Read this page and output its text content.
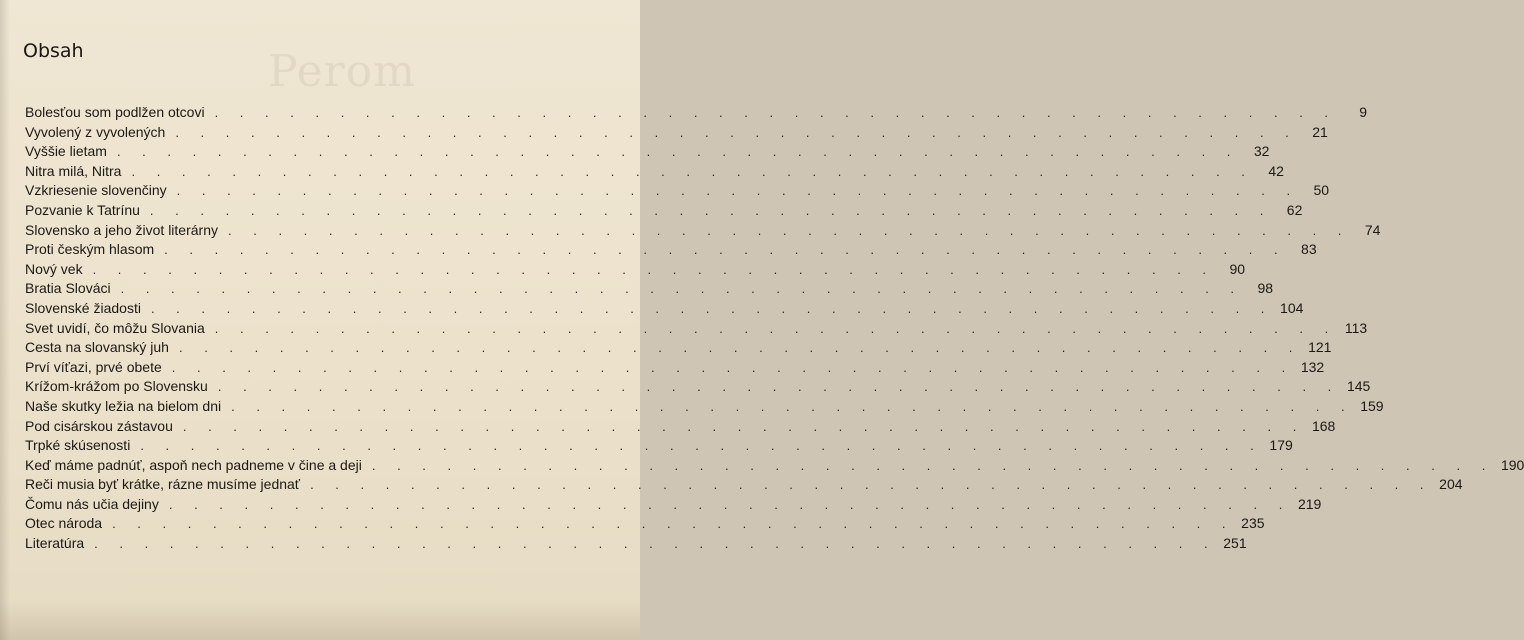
Perom
Obsah
Bolesťou som podlžen otcovi . . . . . . . . . . . . . . . . . . . . . . . . . . . . . . . . . . . . . . . . . . . . .	9
Vyvolený z vyvolených . . . . . . . . . . . . . . . . . . . . . . . . . . . . . . . . . . . . . . . . . . . . .	21
Vyššie lietam . . . . . . . . . . . . . . . . . . . . . . . . . . . . . . . . . . . . . . . . . . . . .	32
Nitra milá, Nitra . . . . . . . . . . . . . . . . . . . . . . . . . . . . . . . . . . . . . . . . . . . . .	42
Vzkriesenie slovenčiny . . . . . . . . . . . . . . . . . . . . . . . . . . . . . . . . . . . . . . . . . . . . .	50
Pozvanie k Tatrínu . . . . . . . . . . . . . . . . . . . . . . . . . . . . . . . . . . . . . . . . . . . . .	62
Slovensko a jeho život literárny . . . . . . . . . . . . . . . . . . . . . . . . . . . . . . . . . . . . . . . . . . . . .	74
Proti českým hlasom . . . . . . . . . . . . . . . . . . . . . . . . . . . . . . . . . . . . . . . . . . . . .	83
Nový vek . . . . . . . . . . . . . . . . . . . . . . . . . . . . . . . . . . . . . . . . . . . . .	90
Bratia Slováci . . . . . . . . . . . . . . . . . . . . . . . . . . . . . . . . . . . . . . . . . . . . .	98
Slovenské žiadosti . . . . . . . . . . . . . . . . . . . . . . . . . . . . . . . . . . . . . . . . . . . . . 104
Svet uvidí, čo môžu Slovania . . . . . . . . . . . . . . . . . . . . . . . . . . . . . . . . . . . . . . . . . . . . . 113
Cesta na slovanský juh . . . . . . . . . . . . . . . . . . . . . . . . . . . . . . . . . . . . . . . . . . . . . 121
Prví víťazi, prvé obete . . . . . . . . . . . . . . . . . . . . . . . . . . . . . . . . . . . . . . . . . . . . . 132
Krížom-krážom po Slovensku . . . . . . . . . . . . . . . . . . . . . . . . . . . . . . . . . . . . . . . . . . . . . 145
Naše skutky ležia na bielom dni . . . . . . . . . . . . . . . . . . . . . . . . . . . . . . . . . . . . . . . . . . . . . 159
Pod cisárskou zástavou . . . . . . . . . . . . . . . . . . . . . . . . . . . . . . . . . . . . . . . . . . . . . 168
Trpké skúsenosti . . . . . . . . . . . . . . . . . . . . . . . . . . . . . . . . . . . . . . . . . . . . . 179
Keď máme padnúť, aspoň nech padneme v čine a deji . . . . . . . . . . . . . . . . . . . . . . . . . . . . . . . . . . . . . . . . . . . . . 190
Reči musia byť krátke, rázne musíme jednať . . . . . . . . . . . . . . . . . . . . . . . . . . . . . . . . . . . . . . . . . . . . . 204
Čomu nás učia dejiny . . . . . . . . . . . . . . . . . . . . . . . . . . . . . . . . . . . . . . . . . . . . . 219
Otec národa . . . . . . . . . . . . . . . . . . . . . . . . . . . . . . . . . . . . . . . . . . . . . 235
Literatúra . . . . . . . . . . . . . . . . . . . . . . . . . . . . . . . . . . . . . . . . . . . . . 251
